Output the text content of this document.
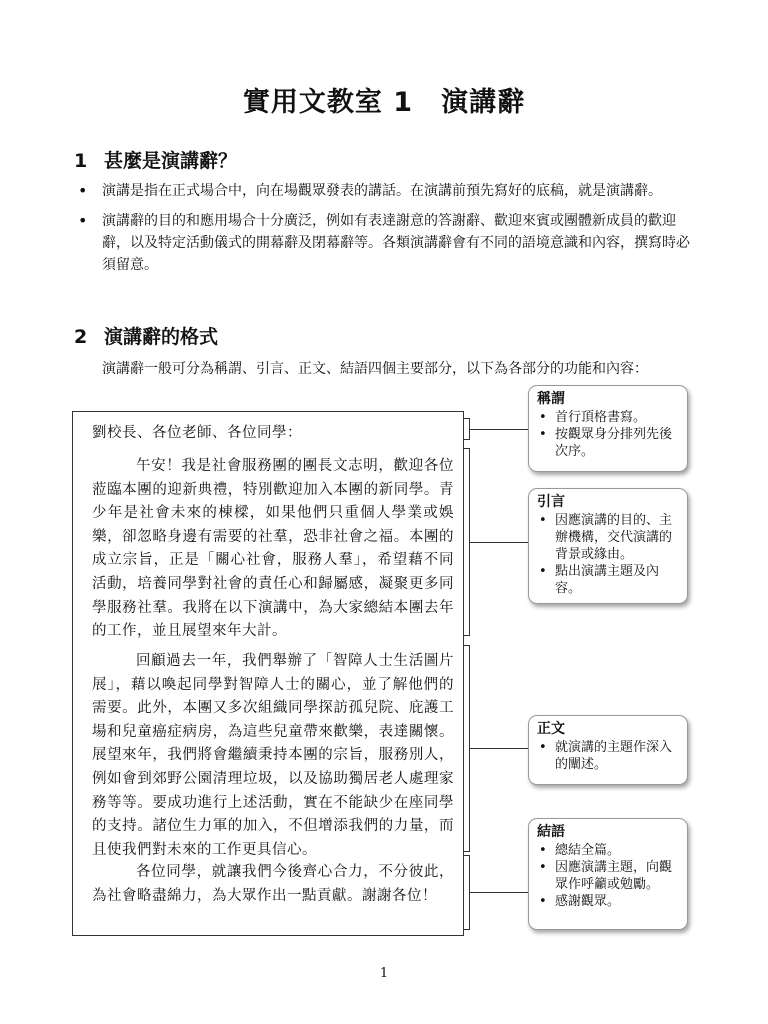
實用文教室 1 演講辭
1 甚麼是演講辭？
• 演講是指在正式場合中，向在場觀眾發表的講話。在演講前預先寫好的底稿，就是演講辭。
• 演講辭的目的和應用場合十分廣泛，例如有表達謝意的答謝辭、歡迎來賓或團體新成員的歡迎辭，以及特定活動儀式的開幕辭及閉幕辭等。各類演講辭會有不同的語境意識和內容，撰寫時必須留意。
2 演講辭的格式
演講辭一般可分為稱謂、引言、正文、結語四個主要部分，以下為各部分的功能和內容：
劉校長、各位老師、各位同學：
午安！我是社會服務團的團長文志明，歡迎各位蒞臨本團的迎新典禮，特別歡迎加入本團的新同學。青少年是社會未來的棟樑，如果他們只重個人學業或娛樂，卻忽略身邊有需要的社羣，恐非社會之福。本團的成立宗旨，正是「關心社會，服務人羣」，希望藉不同活動，培養同學對社會的責任心和歸屬感，凝聚更多同學服務社羣。我將在以下演講中，為大家總結本團去年的工作，並且展望來年大計。
回顧過去一年，我們舉辦了「智障人士生活圖片展」，藉以喚起同學對智障人士的關心，並了解他們的需要。此外，本團又多次組織同學探訪孤兒院、庇護工場和兒童癌症病房，為這些兒童帶來歡樂，表達關懷。展望來年，我們將會繼續秉持本團的宗旨，服務別人，例如會到郊野公園清理垃圾，以及協助獨居老人處理家務等等。要成功進行上述活動，實在不能缺少在座同學的支持。諸位生力軍的加入，不但增添我們的力量，而且使我們對未來的工作更具信心。
各位同學，就讓我們今後齊心合力，不分彼此，為社會略盡綿力，為大眾作出一點貢獻。謝謝各位！
稱謂
• 首行頂格書寫。
• 按觀眾身分排列先後次序。
引言
• 因應演講的目的、主辦機構，交代演講的背景或緣由。
• 點出演講主題及內容。
正文
• 就演講的主題作深入的闡述。
結語
• 總結全篇。
• 因應演講主題，向觀眾作呼籲或勉勵。
• 感謝觀眾。
1
